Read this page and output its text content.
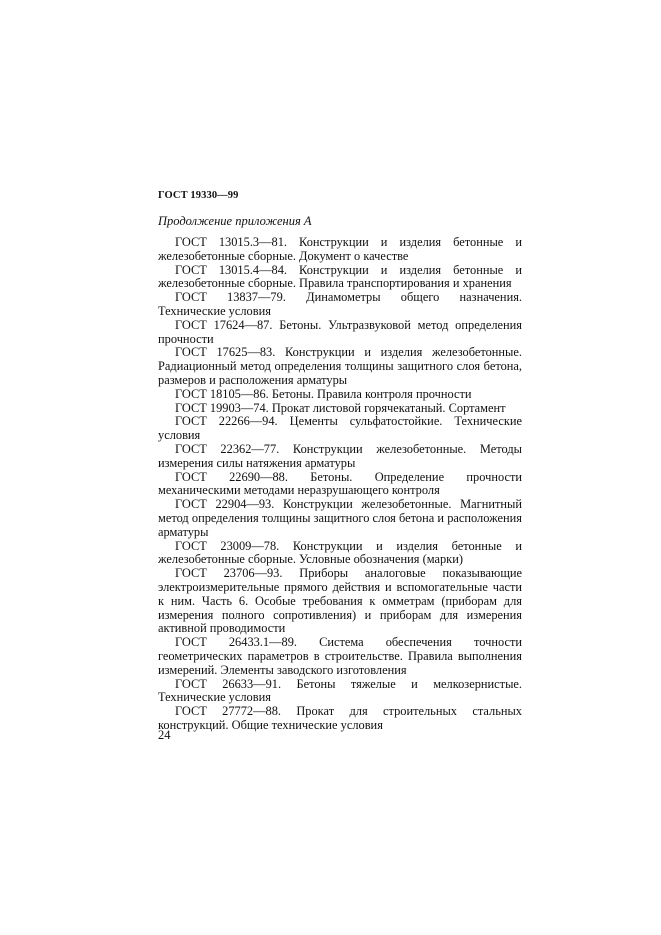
ГОСТ 19330—99
Продолжение приложения А

ГОСТ 13015.3—81. Конструкции и изделия бетонные и железобетонные сборные. Документ о качестве

ГОСТ 13015.4—84. Конструкции и изделия бетонные и железобетонные сборные. Правила транспортирования и хранения

ГОСТ 13837—79. Динамометры общего назначения. Технические условия

ГОСТ 17624—87. Бетоны. Ультразвуковой метод определения прочности

ГОСТ 17625—83. Конструкции и изделия железобетонные. Радиационный метод определения толщины защитного слоя бетона, размеров и расположения арматуры

ГОСТ 18105—86. Бетоны. Правила контроля прочности

ГОСТ 19903—74. Прокат листовой горячекатаный. Сортамент

ГОСТ 22266—94. Цементы сульфатостойкие. Технические условия

ГОСТ 22362—77. Конструкции железобетонные. Методы измерения силы натяжения арматуры

ГОСТ 22690—88. Бетоны. Определение прочности механическими методами неразрушающего контроля

ГОСТ 22904—93. Конструкции железобетонные. Магнитный метод определения толщины защитного слоя бетона и расположения арматуры

ГОСТ 23009—78. Конструкции и изделия бетонные и железобетонные сборные. Условные обозначения (марки)

ГОСТ 23706—93. Приборы аналоговые показывающие электроизмерительные прямого действия и вспомогательные части к ним. Часть 6. Особые требования к омметрам (приборам для измерения полного сопротивления) и приборам для измерения активной проводимости

ГОСТ 26433.1—89. Система обеспечения точности геометрических параметров в строительстве. Правила выполнения измерений. Элементы заводского изготовления

ГОСТ 26633—91. Бетоны тяжелые и мелкозернистые. Технические условия

ГОСТ 27772—88. Прокат для строительных стальных конструкций. Общие технические условия

24
